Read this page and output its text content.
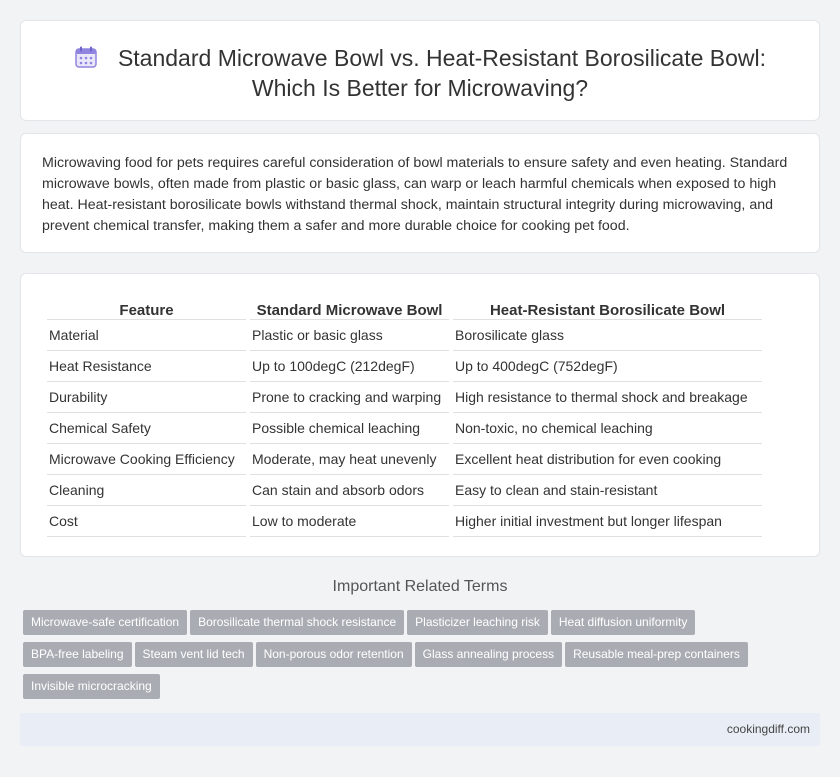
Standard Microwave Bowl vs. Heat-Resistant Borosilicate Bowl: Which Is Better for Microwaving?

Microwaving food for pets requires careful consideration of bowl materials to ensure safety and even heating. Standard microwave bowls, often made from plastic or basic glass, can warp or leach harmful chemicals when exposed to high heat. Heat-resistant borosilicate bowls withstand thermal shock, maintain structural integrity during microwaving, and prevent chemical transfer, making them a safer and more durable choice for cooking pet food.

Feature	Standard Microwave Bowl	Heat-Resistant Borosilicate Bowl
Material	Plastic or basic glass	Borosilicate glass
Heat Resistance	Up to 100degC (212degF)	Up to 400degC (752degF)
Durability	Prone to cracking and warping	High resistance to thermal shock and breakage
Chemical Safety	Possible chemical leaching	Non-toxic, no chemical leaching
Microwave Cooking Efficiency	Moderate, may heat unevenly	Excellent heat distribution for even cooking
Cleaning	Can stain and absorb odors	Easy to clean and stain-resistant
Cost	Low to moderate	Higher initial investment but longer lifespan
Important Related Terms
Microwave-safe certification Borosilicate thermal shock resistance Plasticizer leaching risk Heat diffusion uniformity
BPA-free labeling Steam vent lid tech Non-porous odor retention Glass annealing process Reusable meal-prep containers
Invisible microcracking
cookingdiff.com
